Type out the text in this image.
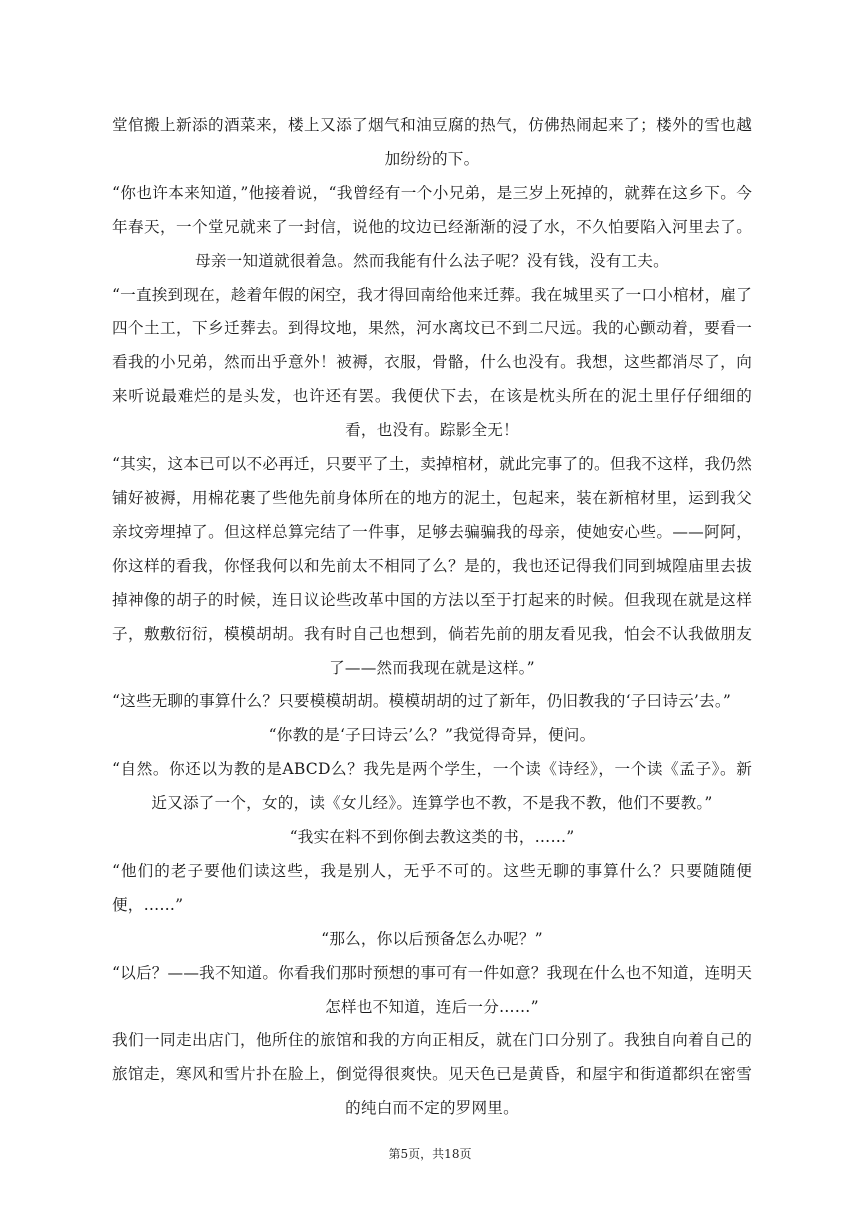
堂倌搬上新添的酒菜来，楼上又添了烟气和油豆腐的热气，仿佛热闹起来了；楼外的雪也越加纷纷的下。

“你也许本来知道，”他接着说，“我曾经有一个小兄弟，是三岁上死掉的，就葬在这乡下。今年春天，一个堂兄就来了一封信，说他的坟边已经渐渐的浸了水，不久怕要陷入河里去了。母亲一知道就很着急。然而我能有什么法子呢？没有钱，没有工夫。

“一直挨到现在，趁着年假的闲空，我才得回南给他来迁葬。我在城里买了一口小棺材，雇了四个土工，下乡迁葬去。到得坟地，果然，河水离坟已不到二尺远。我的心颤动着，要看一看我的小兄弟，然而出乎意外！被褥，衣服，骨骼，什么也没有。我想，这些都消尽了，向来听说最难烂的是头发，也许还有罢。我便伏下去，在该是枕头所在的泥土里仔仔细细的看，也没有。踪影全无！

“其实，这本已可以不必再迁，只要平了土，卖掉棺材，就此完事了的。但我不这样，我仍然铺好被褥，用棉花裹了些他先前身体所在的地方的泥土，包起来，装在新棺材里，运到我父亲坟旁埋掉了。但这样总算完结了一件事，足够去骗骗我的母亲，使她安心些。——阿阿，你这样的看我，你怪我何以和先前太不相同了么？是的，我也还记得我们同到城隍庙里去拔掉神像的胡子的时候，连日议论些改革中国的方法以至于打起来的时候。但我现在就是这样子，敷敷衍衍，模模胡胡。我有时自己也想到，倘若先前的朋友看见我，怕会不认我做朋友了——然而我现在就是这样。”

“这些无聊的事算什么？只要模模胡胡。模模胡胡的过了新年，仍旧教我的‘子曰诗云’去。”

“你教的是‘子曰诗云’么？”我觉得奇异，便问。

“自然。你还以为教的是ABCD么？我先是两个学生，一个读《诗经》，一个读《孟子》。新近又添了一个，女的，读《女儿经》。连算学也不教，不是我不教，他们不要教。”

“我实在料不到你倒去教这类的书，……”

“他们的老子要他们读这些，我是别人，无乎不可的。这些无聊的事算什么？只要随随便便，……”

“那么，你以后预备怎么办呢？”

“以后？——我不知道。你看我们那时预想的事可有一件如意？我现在什么也不知道，连明天怎样也不知道，连后一分……”

我们一同走出店门，他所住的旅馆和我的方向正相反，就在门口分别了。我独自向着自己的旅馆走，寒风和雪片扑在脸上，倒觉得很爽快。见天色已是黄昏，和屋宇和街道都织在密雪的纯白而不定的罗网里。

第5页，共18页
